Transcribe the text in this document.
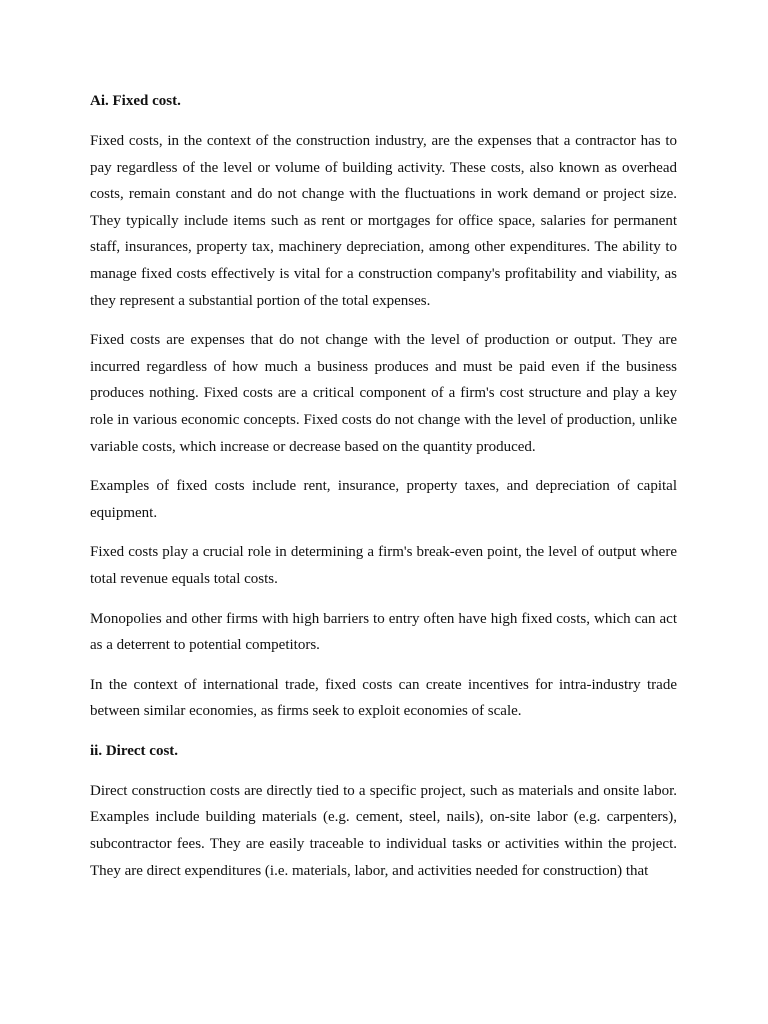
Ai. Fixed cost.

Fixed costs, in the context of the construction industry, are the expenses that a contractor has to pay regardless of the level or volume of building activity. These costs, also known as overhead costs, remain constant and do not change with the fluctuations in work demand or project size. They typically include items such as rent or mortgages for office space, salaries for permanent staff, insurances, property tax, machinery depreciation, among other expenditures. The ability to manage fixed costs effectively is vital for a construction company's profitability and viability, as they represent a substantial portion of the total expenses.

Fixed costs are expenses that do not change with the level of production or output. They are incurred regardless of how much a business produces and must be paid even if the business produces nothing. Fixed costs are a critical component of a firm's cost structure and play a key role in various economic concepts. Fixed costs do not change with the level of production, unlike variable costs, which increase or decrease based on the quantity produced.

Examples of fixed costs include rent, insurance, property taxes, and depreciation of capital equipment.

Fixed costs play a crucial role in determining a firm's break-even point, the level of output where total revenue equals total costs.

Monopolies and other firms with high barriers to entry often have high fixed costs, which can act as a deterrent to potential competitors.

In the context of international trade, fixed costs can create incentives for intra-industry trade between similar economies, as firms seek to exploit economies of scale.

ii. Direct cost.

Direct construction costs are directly tied to a specific project, such as materials and onsite labor. Examples include building materials (e.g. cement, steel, nails), on-site labor (e.g. carpenters), subcontractor fees. They are easily traceable to individual tasks or activities within the project. They are direct expenditures (i.e. materials, labor, and activities needed for construction) that
